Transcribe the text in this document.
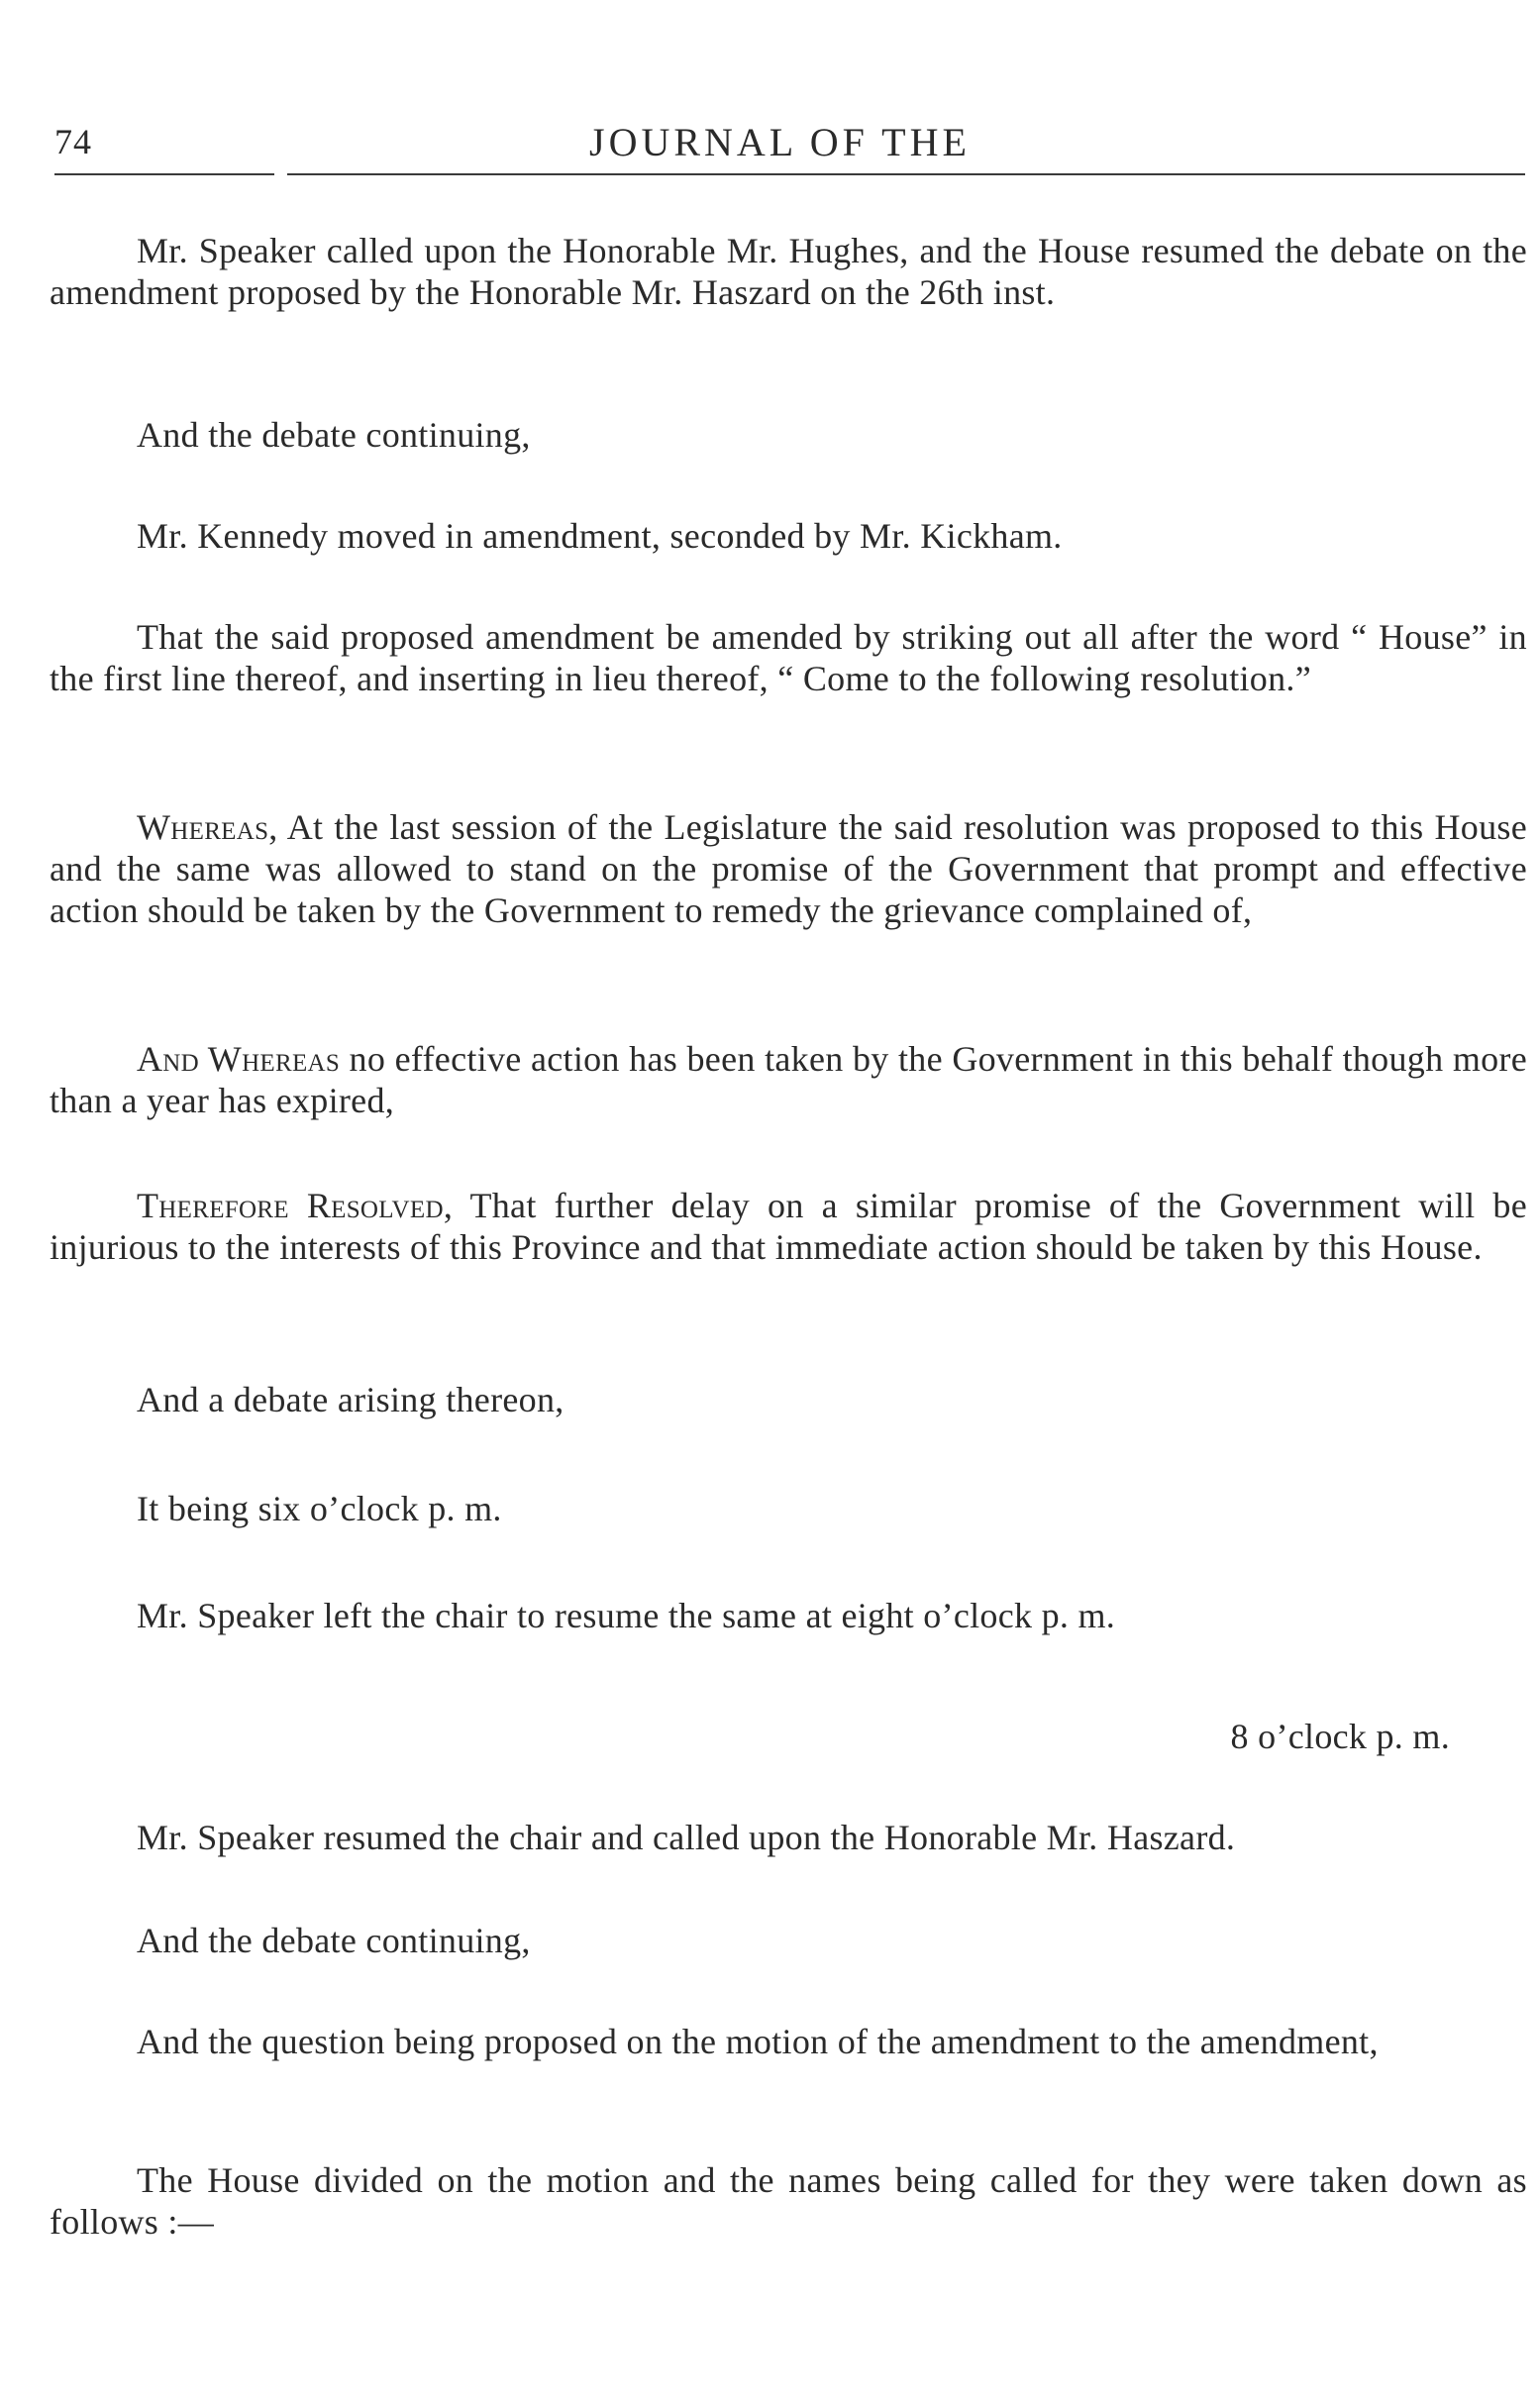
74	JOURNAL OF THE

Mr. Speaker called upon the Honorable Mr. Hughes, and the House resumed the debate on the amendment proposed by the Honorable Mr. Haszard on the 26th inst.

And the debate continuing,

Mr. Kennedy moved in amendment, seconded by Mr. Kickham.

That the said proposed amendment be amended by striking out all after the word “ House” in the first line thereof, and inserting in lieu thereof, “ Come to the following resolution.”

Whereas, At the last session of the Legislature the said resolution was proposed to this House and the same was allowed to stand on the promise of the Government that prompt and effective action should be taken by the Government to remedy the grievance complained of,

And Whereas no effective action has been taken by the Government in this behalf though more than a year has expired,

Therefore Resolved, That further delay on a similar promise of the Government will be injurious to the interests of this Province and that immediate action should be taken by this House.

And a debate arising thereon,

It being six o’clock p. m.

Mr. Speaker left the chair to resume the same at eight o’clock p. m.

8 o’clock p. m.

Mr. Speaker resumed the chair and called upon the Honorable Mr. Haszard.

And the debate continuing,

And the question being proposed on the motion of the amendment to the amendment,

The House divided on the motion and the names being called for they were taken down as follows :—
